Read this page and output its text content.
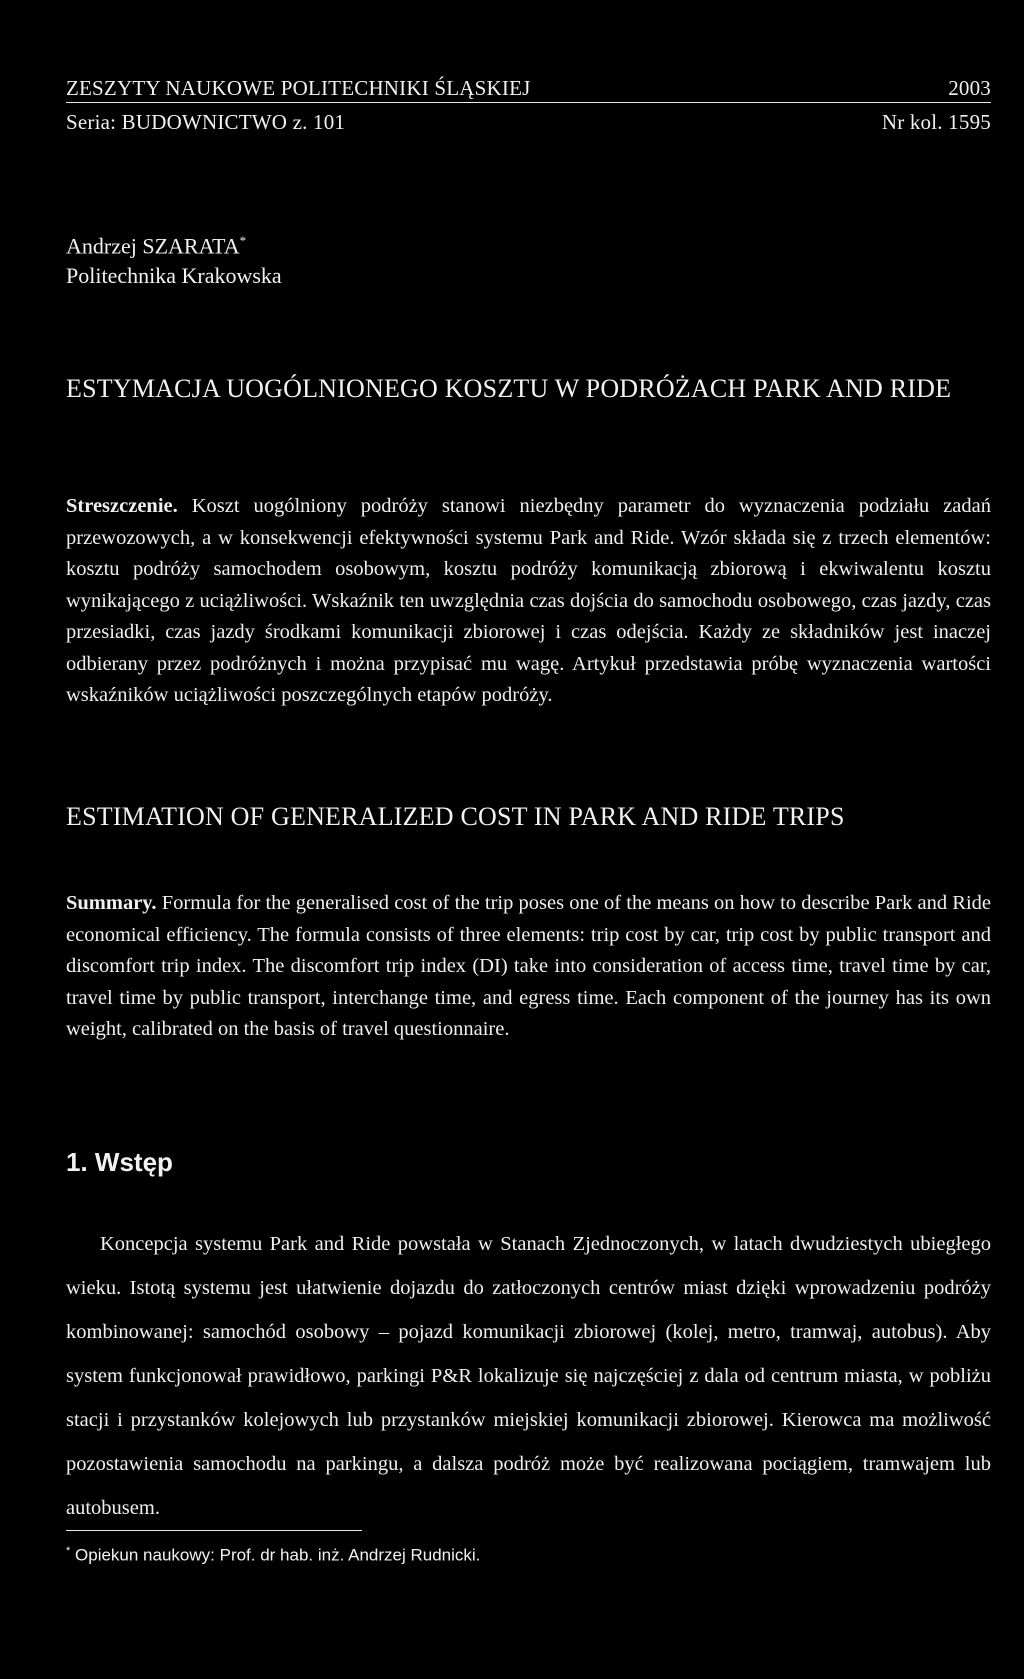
ZESZYTY NAUKOWE POLITECHNIKI ŚLĄSKIEJ	2003
Seria: BUDOWNICTWO z. 101	Nr kol. 1595
Andrzej SZARATA*
Politechnika Krakowska
ESTYMACJA UOGÓLNIONEGO KOSZTU W PODRÓŻACH PARK AND RIDE
Streszczenie. Koszt uogólniony podróży stanowi niezbędny parametr do wyznaczenia podziału zadań przewozowych, a w konsekwencji efektywności systemu Park and Ride. Wzór składa się z trzech elementów: kosztu podróży samochodem osobowym, kosztu podróży komunikacją zbiorową i ekwiwalentu kosztu wynikającego z uciążliwości. Wskaźnik ten uwzględnia czas dojścia do samochodu osobowego, czas jazdy, czas przesiadki, czas jazdy środkami komunikacji zbiorowej i czas odejścia. Każdy ze składników jest inaczej odbierany przez podróżnych i można przypisać mu wagę. Artykuł przedstawia próbę wyznaczenia wartości wskaźników uciążliwości poszczególnych etapów podróży.
ESTIMATION OF GENERALIZED COST IN PARK AND RIDE TRIPS
Summary. Formula for the generalised cost of the trip poses one of the means on how to describe Park and Ride economical efficiency. The formula consists of three elements: trip cost by car, trip cost by public transport and discomfort trip index. The discomfort trip index (DI) take into consideration of access time, travel time by car, travel time by public transport, interchange time, and egress time. Each component of the journey has its own weight, calibrated on the basis of travel questionnaire.
1. Wstęp
Koncepcja systemu Park and Ride powstała w Stanach Zjednoczonych, w latach dwudziestych ubiegłego wieku. Istotą systemu jest ułatwienie dojazdu do zatłoczonych centrów miast dzięki wprowadzeniu podróży kombinowanej: samochód osobowy – pojazd komunikacji zbiorowej (kolej, metro, tramwaj, autobus). Aby system funkcjonował prawidłowo, parkingi P&R lokalizuje się najczęściej z dala od centrum miasta, w pobliżu stacji i przystanków kolejowych lub przystanków miejskiej komunikacji zbiorowej. Kierowca ma możliwość pozostawienia samochodu na parkingu, a dalsza podróż może być realizowana pociągiem, tramwajem lub autobusem.
* Opiekun naukowy: Prof. dr hab. inż. Andrzej Rudnicki.
